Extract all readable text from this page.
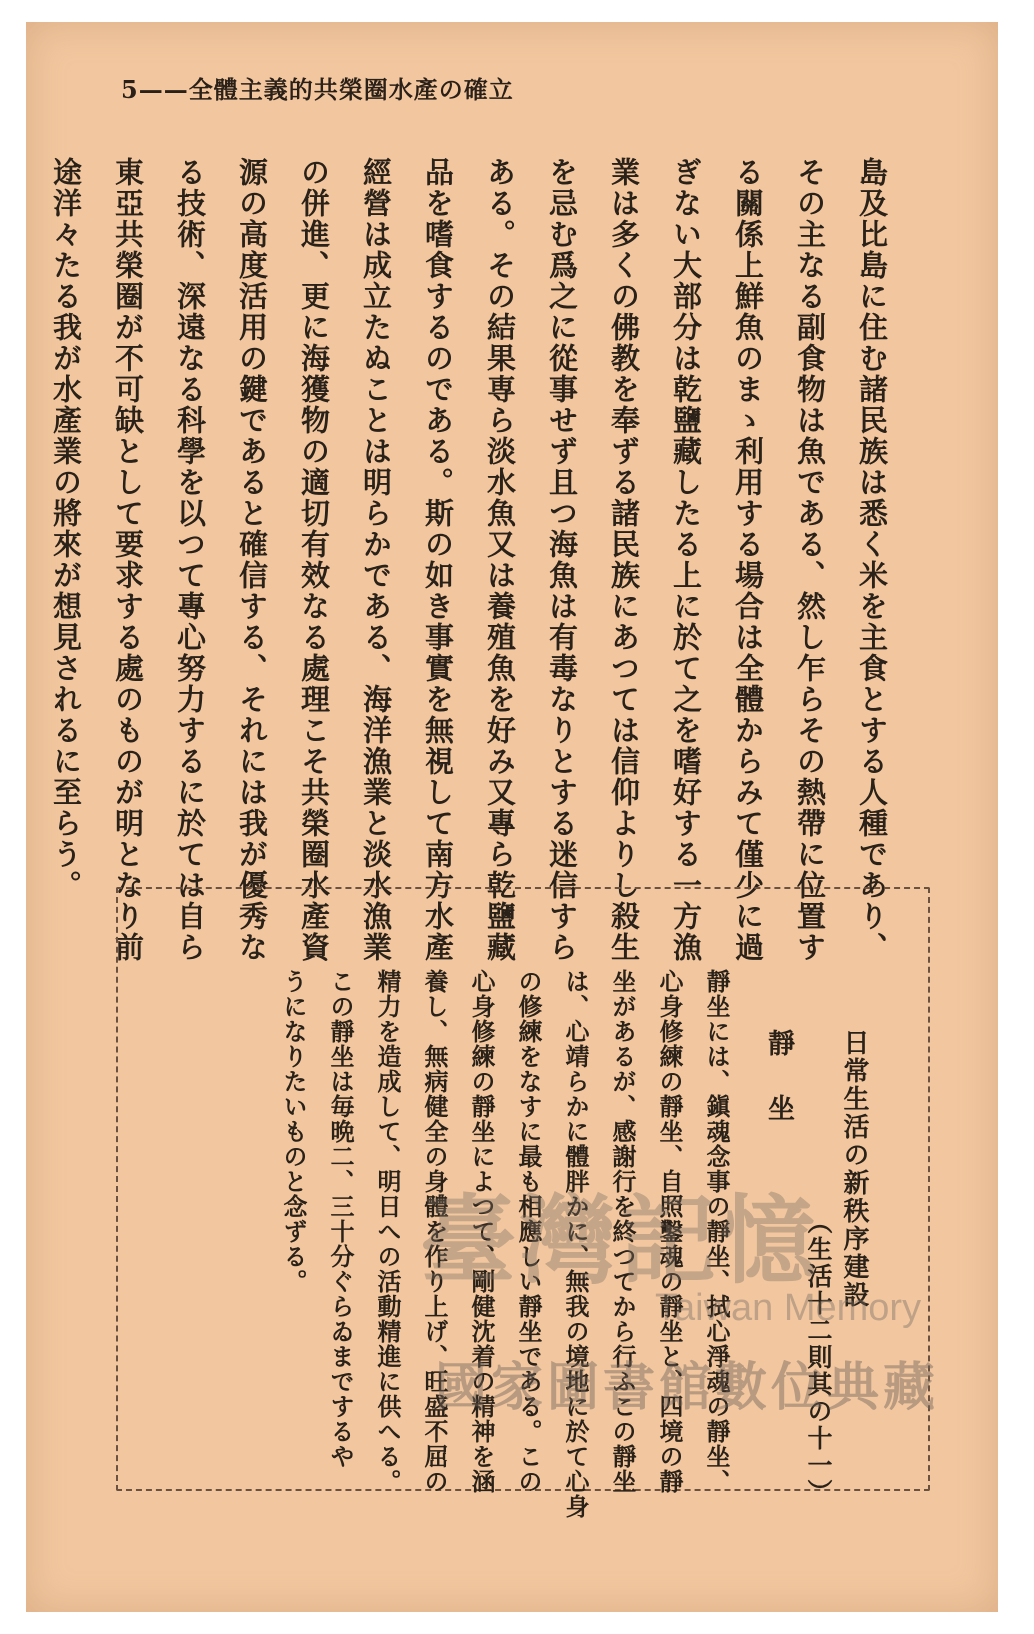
5——全體主義的共榮圈水產の確立
島及比島に住む諸民族は悉く米を主食とする人種であり、
その主なる副食物は魚である、然し乍らその熱帶に位置す
る關係上鮮魚のまゝ利用する場合は全體からみて僅少に過
ぎない大部分は乾鹽藏したる上に於て之を嗜好する一方漁
業は多くの佛教を奉ずる諸民族にあつては信仰よりし殺生
を忌む爲之に從事せず且つ海魚は有毒なりとする迷信すら
ある。その結果専ら淡水魚又は養殖魚を好み又專ら乾鹽藏
品を嗜食するのである。斯の如き事實を無視して南方水產
經營は成立たぬことは明らかである、海洋漁業と淡水漁業
の併進、更に海獲物の適切有效なる處理こそ共榮圈水產資
源の高度活用の鍵であると確信する、それには我が優秀な
る技術、深遠なる科學を以つて專心努力するに於ては自ら
東亞共榮圈が不可缺として要求する處のものが明となり前
途洋々たる我が水產業の將來が想見されるに至らう。
日常生活の新秩序建設
（生活十二則其の十一）
靜坐
靜坐には、鎭魂念事の靜坐、拭心淨魂の靜坐、
心身修練の靜坐、自照鑿魂の靜坐と、四境の靜
坐があるが、感謝行を終つてから行ふこの靜坐
は、心靖らかに體胖かに、無我の境地に於て心身
の修練をなすに最も相應しい靜坐である。この
心身修練の靜坐によつて、剛健沈着の精神を涵
養し、無病健全の身體を作り上げ、旺盛不屈の
精力を造成して、明日への活動精進に供へる。
この靜坐は毎晩二、三十分ぐらゐまでするや
うになりたいものと念ずる。 臺灣記憶
Taiwan Memory
國家圖書館數位典藏
